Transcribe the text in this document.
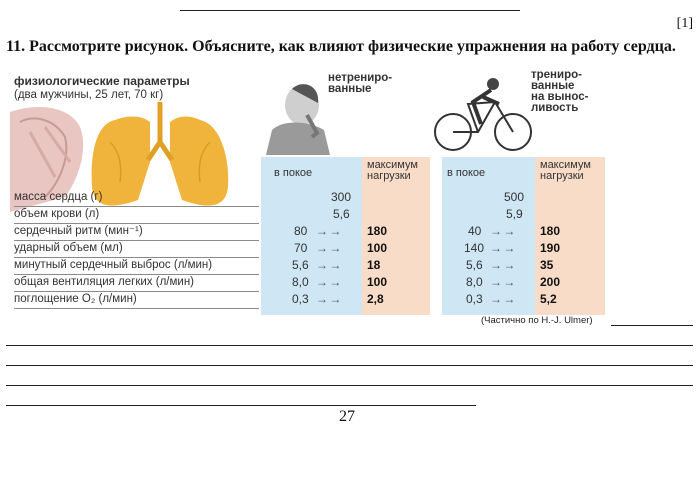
[1]
11. Рассмотрите рисунок. Объясните, как влияют физические упражнения на работу сердца.
физиологические параметры
(два мужчины, 25 лет, 70 кг)
нетрениро-
ванные
трениро-
ванные
на вынос-
ливость
в покое
максимум
нагрузки	в покое
максимум
нагрузки
масса сердца (г)
объем крови (л)
сердечный ритм (мин⁻¹)
ударный объем (мл)
минутный сердечный выброс (л/мин)
общая вентиляция легких (л/мин)
поглощение O₂ (л/мин)
300
5,6
500
5,9
80
70
5,6
8,0
0,3
→ →
→ →
→ →
→ →
→ →
180
100
18
100
2,8
40
140
5,6
8,0
0,3
→ →
→ →
→ →
→ →
→ →
180
190
35
200
5,2
(Частично по H.-J. Ulmer)
27
